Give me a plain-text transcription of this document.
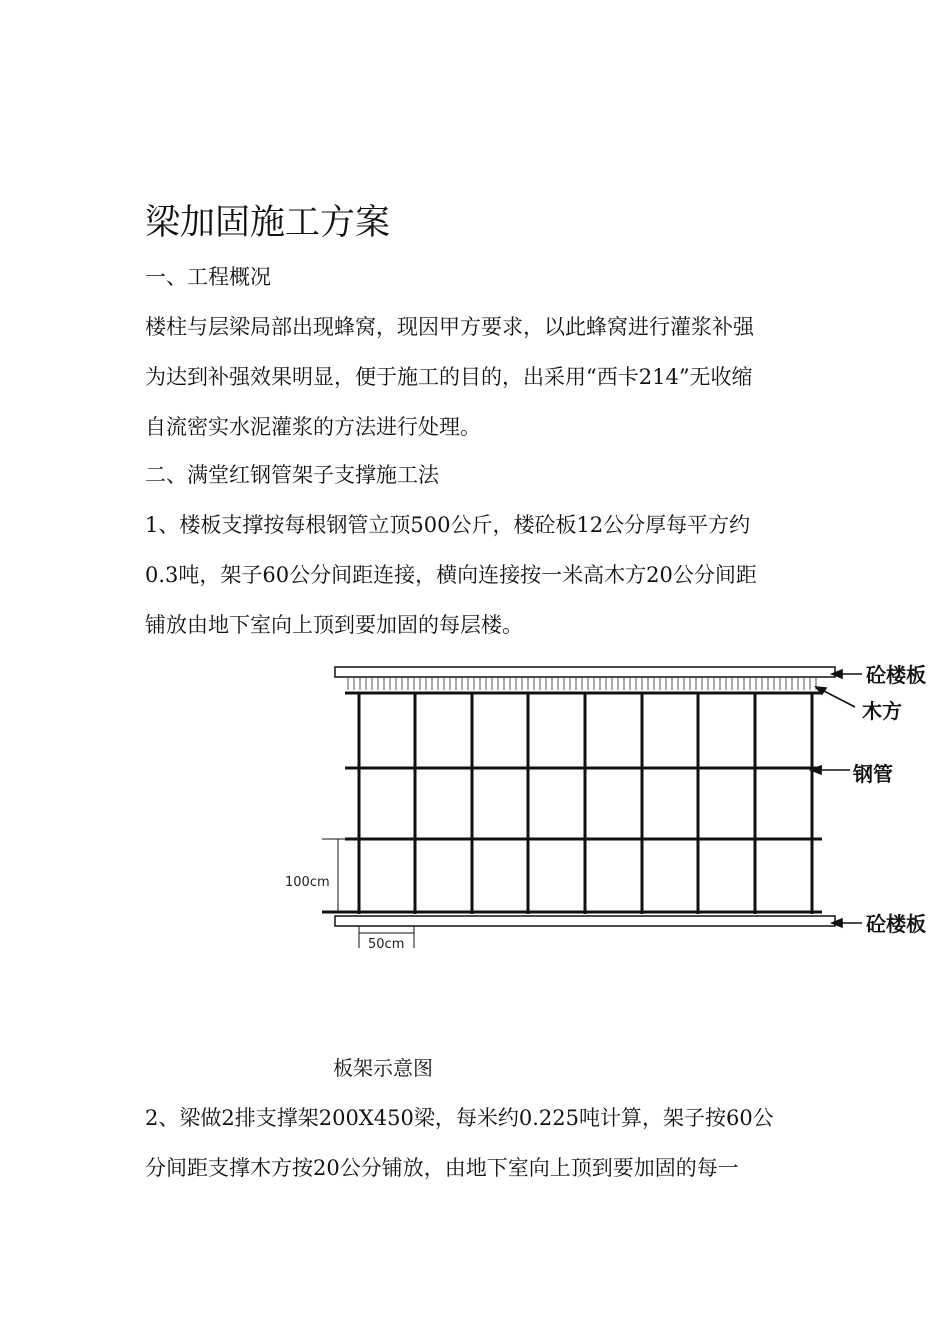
梁加固施工方案
一、工程概况
楼柱与层梁局部出现蜂窝，现因甲方要求，以此蜂窝进行灌浆补强
为达到补强效果明显，便于施工的目的，出采用“西卡214”无收缩
自流密实水泥灌浆的方法进行处理。
二、满堂红钢管架子支撑施工法
1、楼板支撑按每根钢管立顶500公斤，楼砼板12公分厚每平方约
0.3吨，架子60公分间距连接，横向连接按一米高木方20公分间距
铺放由地下室向上顶到要加固的每层楼。
100cm
50cm
砼楼板
木方
钢管
砼楼板
板架示意图
2、梁做2排支撑架200X450梁，每米约0.225吨计算，架子按60公
分间距支撑木方按20公分铺放，由地下室向上顶到要加固的每一
